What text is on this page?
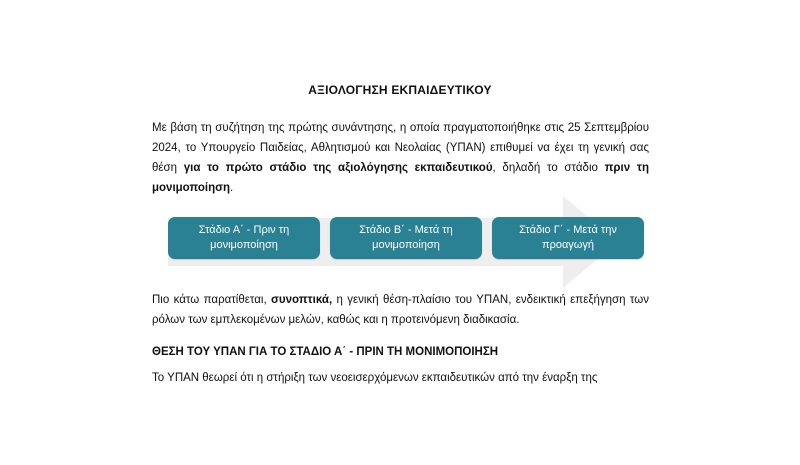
ΑΞΙΟΛΟΓΗΣΗ ΕΚΠΑΙΔΕΥΤΙΚΟΥ
Με βάση τη συζήτηση της πρώτης συνάντησης, η οποία πραγματοποιήθηκε στις 25 Σεπτεμβρίου 2024, το Υπουργείο Παιδείας, Αθλητισμού και Νεολαίας (ΥΠΑΝ) επιθυμεί να έχει τη γενική σας θέση για το πρώτο στάδιο της αξιολόγησης εκπαιδευτικού, δηλαδή το στάδιο πριν τη μονιμοποίηση.
Στάδιο Α΄ - Πριν τη μονιμοποίηση
Στάδιο Β΄ - Μετά τη μονιμοποίηση
Στάδιο Γ΄ - Μετά την προαγωγή
Πιο κάτω παρατίθεται, συνοπτικά, η γενική θέση-πλαίσιο του ΥΠΑΝ, ενδεικτική επεξήγηση των ρόλων των εμπλεκομένων μελών, καθώς και η προτεινόμενη διαδικασία.
ΘΕΣΗ ΤΟΥ ΥΠΑΝ ΓΙΑ ΤΟ ΣΤΑΔΙΟ Α΄ - ΠΡΙΝ ΤΗ ΜΟΝΙΜΟΠΟΙΗΣΗ
Το ΥΠΑΝ θεωρεί ότι η στήριξη των νεοεισερχόμενων εκπαιδευτικών από την έναρξη της
